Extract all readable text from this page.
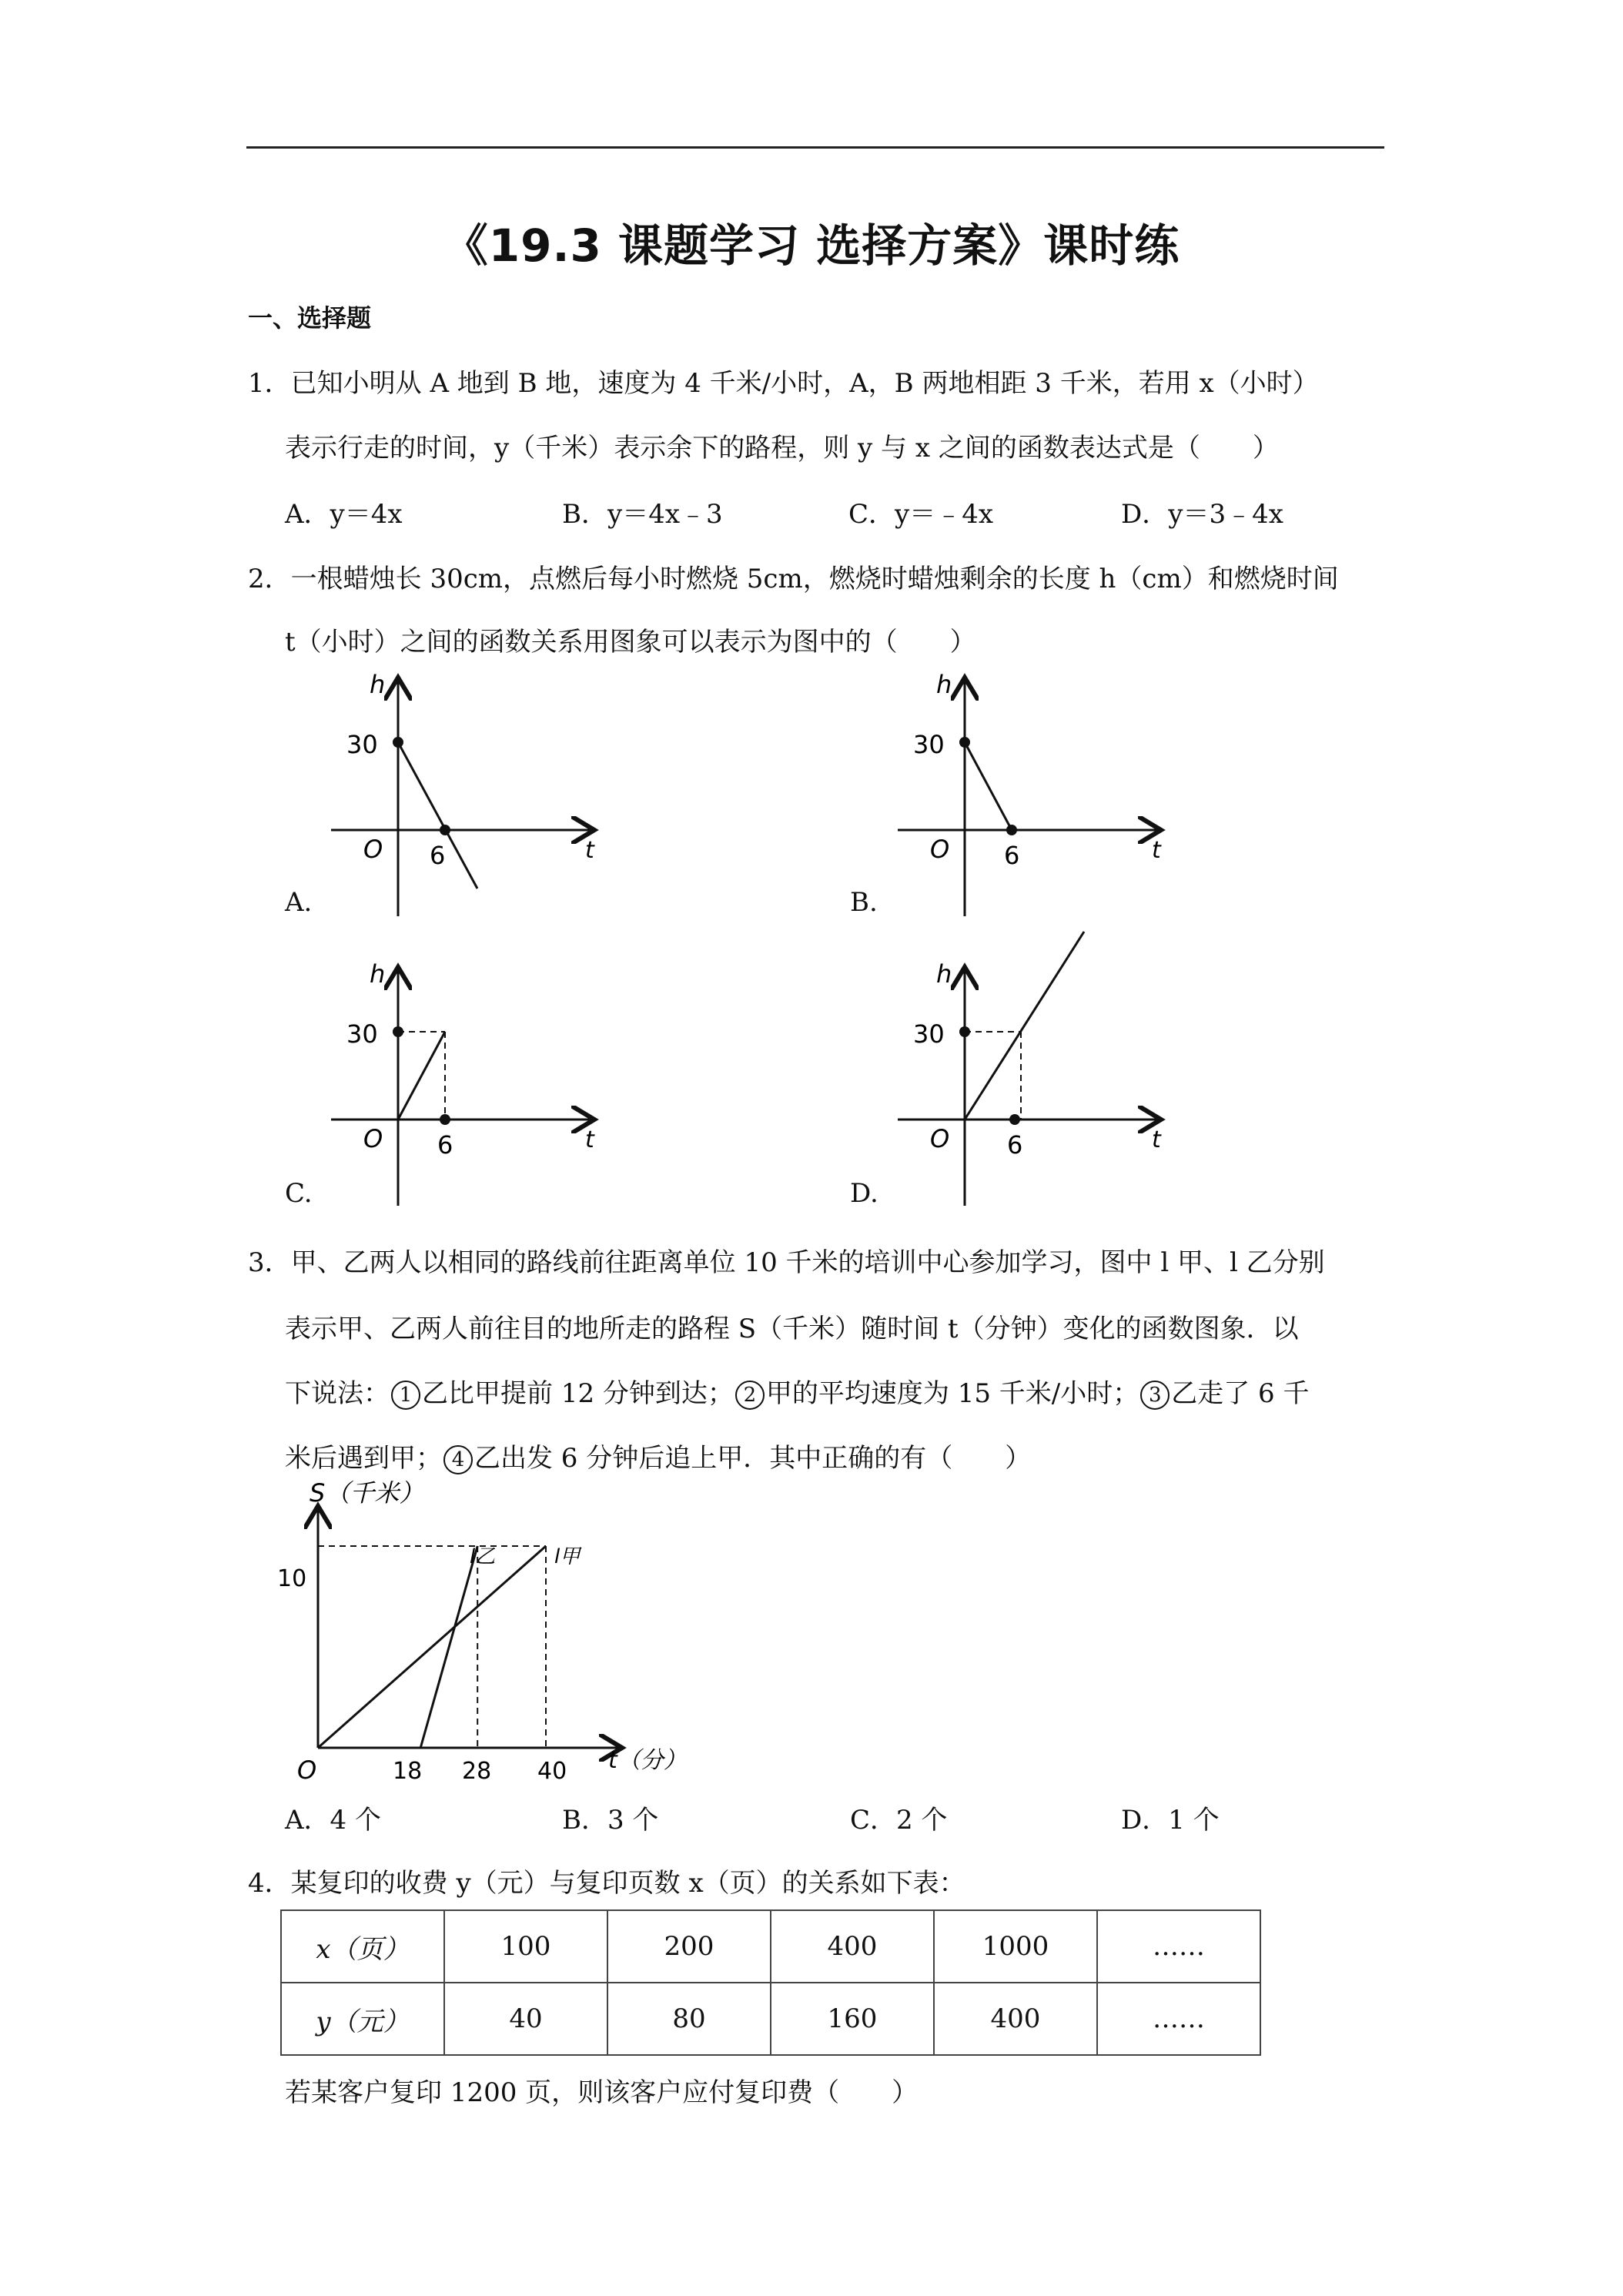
《19.3 课题学习 选择方案》课时练
一、选择题
1．已知小明从 A 地到 B 地，速度为 4 千米/小时，A，B 两地相距 3 千米，若用 x（小时）
表示行走的时间，y（千米）表示余下的路程，则 y 与 x 之间的函数表达式是（　　）
A．y＝4x	B．y＝4x﹣3	C．y＝﹣4x	D．y＝3﹣4x
2．一根蜡烛长 30cm，点燃后每小时燃烧 5cm，燃烧时蜡烛剩余的长度 h（cm）和燃烧时间
t（小时）之间的函数关系用图象可以表示为图中的（　　）
h
30
O 6	t
A.
h
30
O 6	t
B.
h
30
O 6	t
C.
h
30
O 6	t
D.
3．甲、乙两人以相同的路线前往距离单位 10 千米的培训中心参加学习，图中 l 甲、l 乙分别
表示甲、乙两人前往目的地所走的路程 S（千米）随时间 t（分钟）变化的函数图象．以
下说法： 1 乙比甲提前 12 分钟到达； 2 甲的平均速度为 15 千米/小时； 3 乙走了 6 千
米后遇到甲； 4 乙出发 6 分钟后追上甲．其中正确的有（　　）
S（千米）
10
O	18 28 40 t（分）
l乙	l甲
A．4 个	B．3 个	C．2 个	D．1 个
4．某复印的收费 y（元）与复印页数 x（页）的关系如下表：
x（页）	100	200	400	1000	……
y（元）	40	80	160	400	……
若某客户复印 1200 页，则该客户应付复印费（　　）
